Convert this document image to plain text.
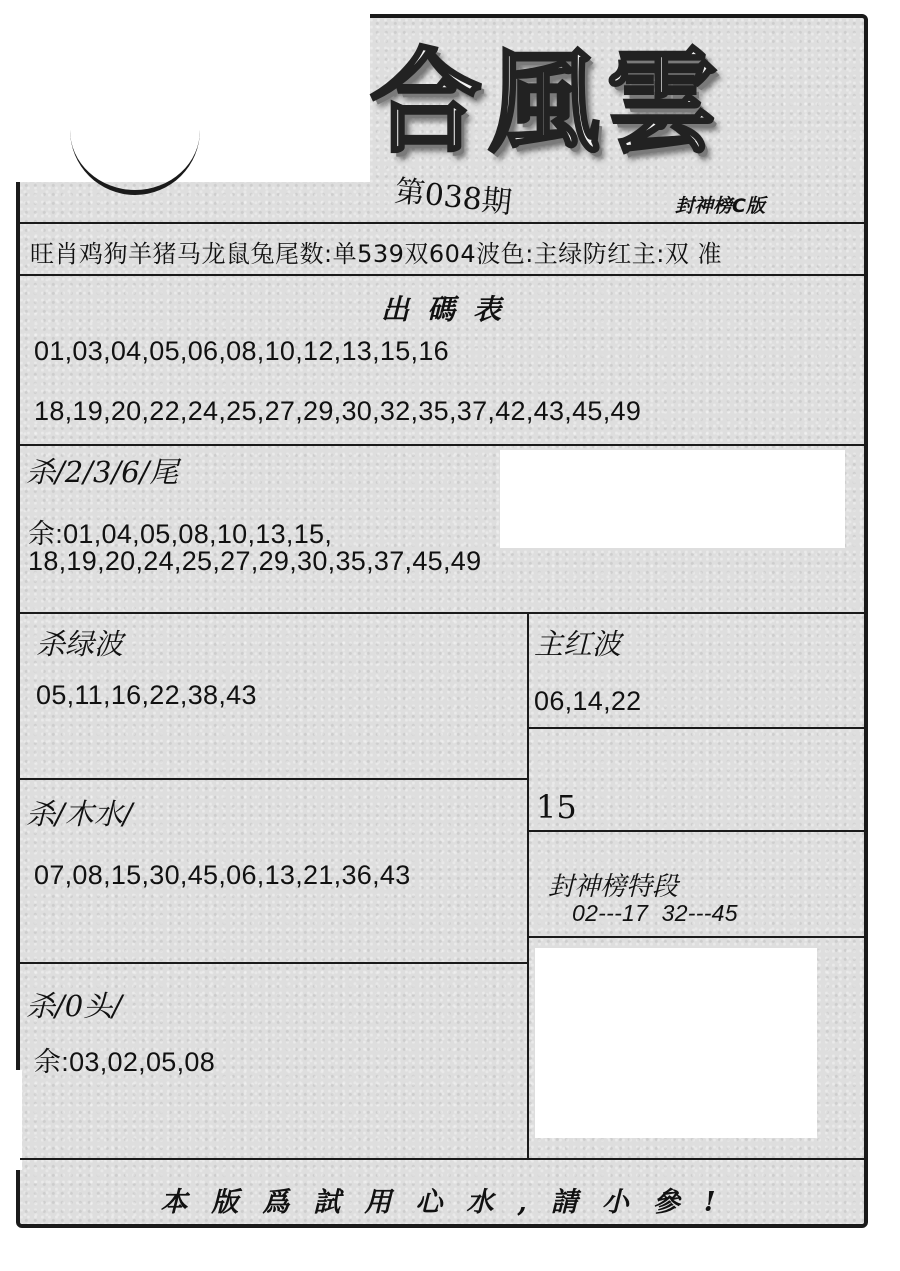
合風雲
第038期	封神榜C版
旺肖鸡狗羊猪马龙鼠兔尾数:单539双604波色:主绿防红主:双 准
出碼表
01,03,04,05,06,08,10,12,13,15,16
18,19,20,22,24,25,27,29,30,32,35,37,42,43,45,49
杀/2/3/6/尾
余:01,04,05,08,10,13,15,
18,19,20,24,25,27,29,30,35,37,45,49
杀绿波
05,11,16,22,38,43
主红波
06,14,22
15
杀/木水/
07,08,15,30,45,06,13,21,36,43	封神榜特段
02---17  32---45
杀/0头/
余:03,02,05,08
本版爲試用心水,請小參!
